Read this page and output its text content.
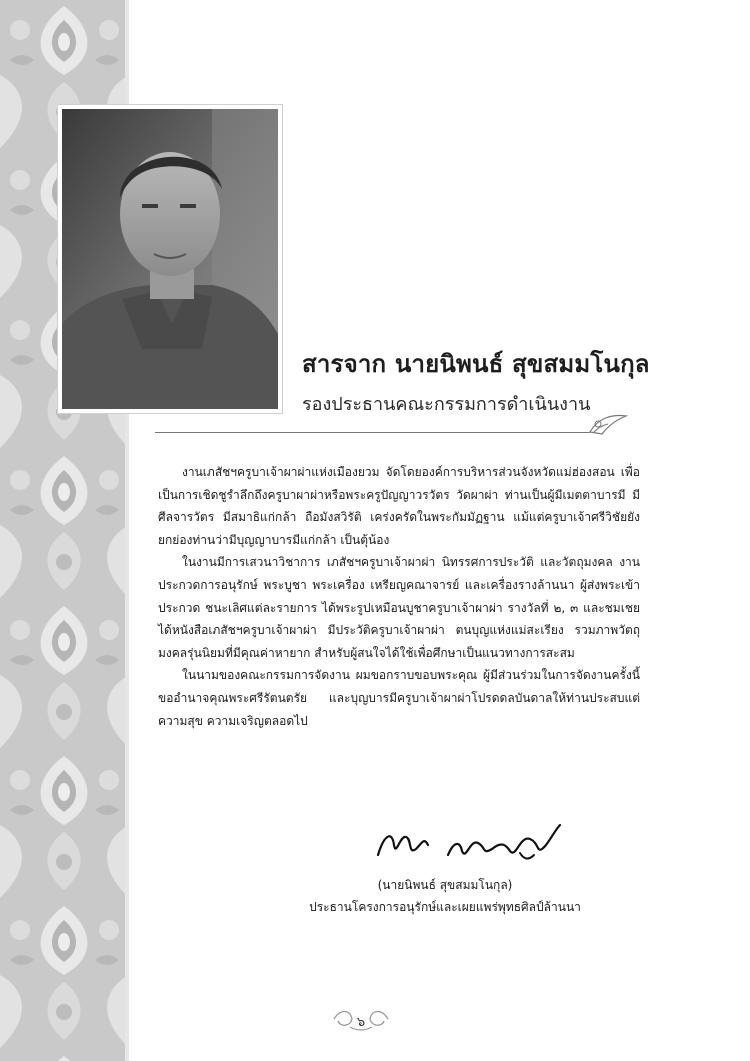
สารจาก นายนิพนธ์ สุขสมมโนกุล
รองประธานคณะกรรมการดำเนินงาน

งานเภสัชฯครูบาเจ้าผาผ่าแห่งเมืองยวม จัดโดยองค์การบริหารส่วนจังหวัดแม่ฮ่องสอน เพื่อเป็นการเชิดชูรำลึกถึงครูบาผาผ่าหรือพระครูปัญญาวรวัตร วัดผาผ่า ท่านเป็นผู้มีเมตตาบารมี มีศีลจารวัตร มีสมาธิแก่กล้า ถือมังสวิรัติ เคร่งครัดในพระกัมมัฏฐาน แม้แต่ครูบาเจ้าศรีวิชัยยังยกย่องท่านว่ามีบุญญาบารมีแก่กล้า เป็นตุ้น้อง

ในงานมีการเสวนาวิชาการ เภสัชฯครูบาเจ้าผาผ่า นิทรรศการประวัติ และวัตถุมงคล งานประกวดการอนุรักษ์ พระบูชา พระเครื่อง เหรียญคณาจารย์ และเครื่องรางล้านนา ผู้ส่งพระเข้าประกวด ชนะเลิศแต่ละรายการ ได้พระรูปเหมือนบูชาครูบาเจ้าผาผ่า รางวัลที่ ๒, ๓ และชมเชย ได้หนังสือเภสัชฯครูบาเจ้าผาผ่า มีประวัติครูบาเจ้าผาผ่า ตนบุญแห่งแม่สะเรียง รวมภาพวัตถุมงคลรุ่นนิยมที่มีคุณค่าหายาก สำหรับผู้สนใจได้ใช้เพื่อศึกษาเป็นแนวทางการสะสม

ในนามของคณะกรรมการจัดงาน ผมขอกราบขอบพระคุณ ผู้มีส่วนร่วมในการจัดงานครั้งนี้ ขออำนาจคุณพระศรีรัตนตรัย และบุญบารมีครูบาเจ้าผาผ่าโปรดดลบันดาลให้ท่านประสบแต่ความสุข ความเจริญตลอดไป

(นายนิพนธ์ สุขสมมโนกุล)
ประธานโครงการอนุรักษ์และเผยแพร่พุทธศิลป์ล้านนา
๖
